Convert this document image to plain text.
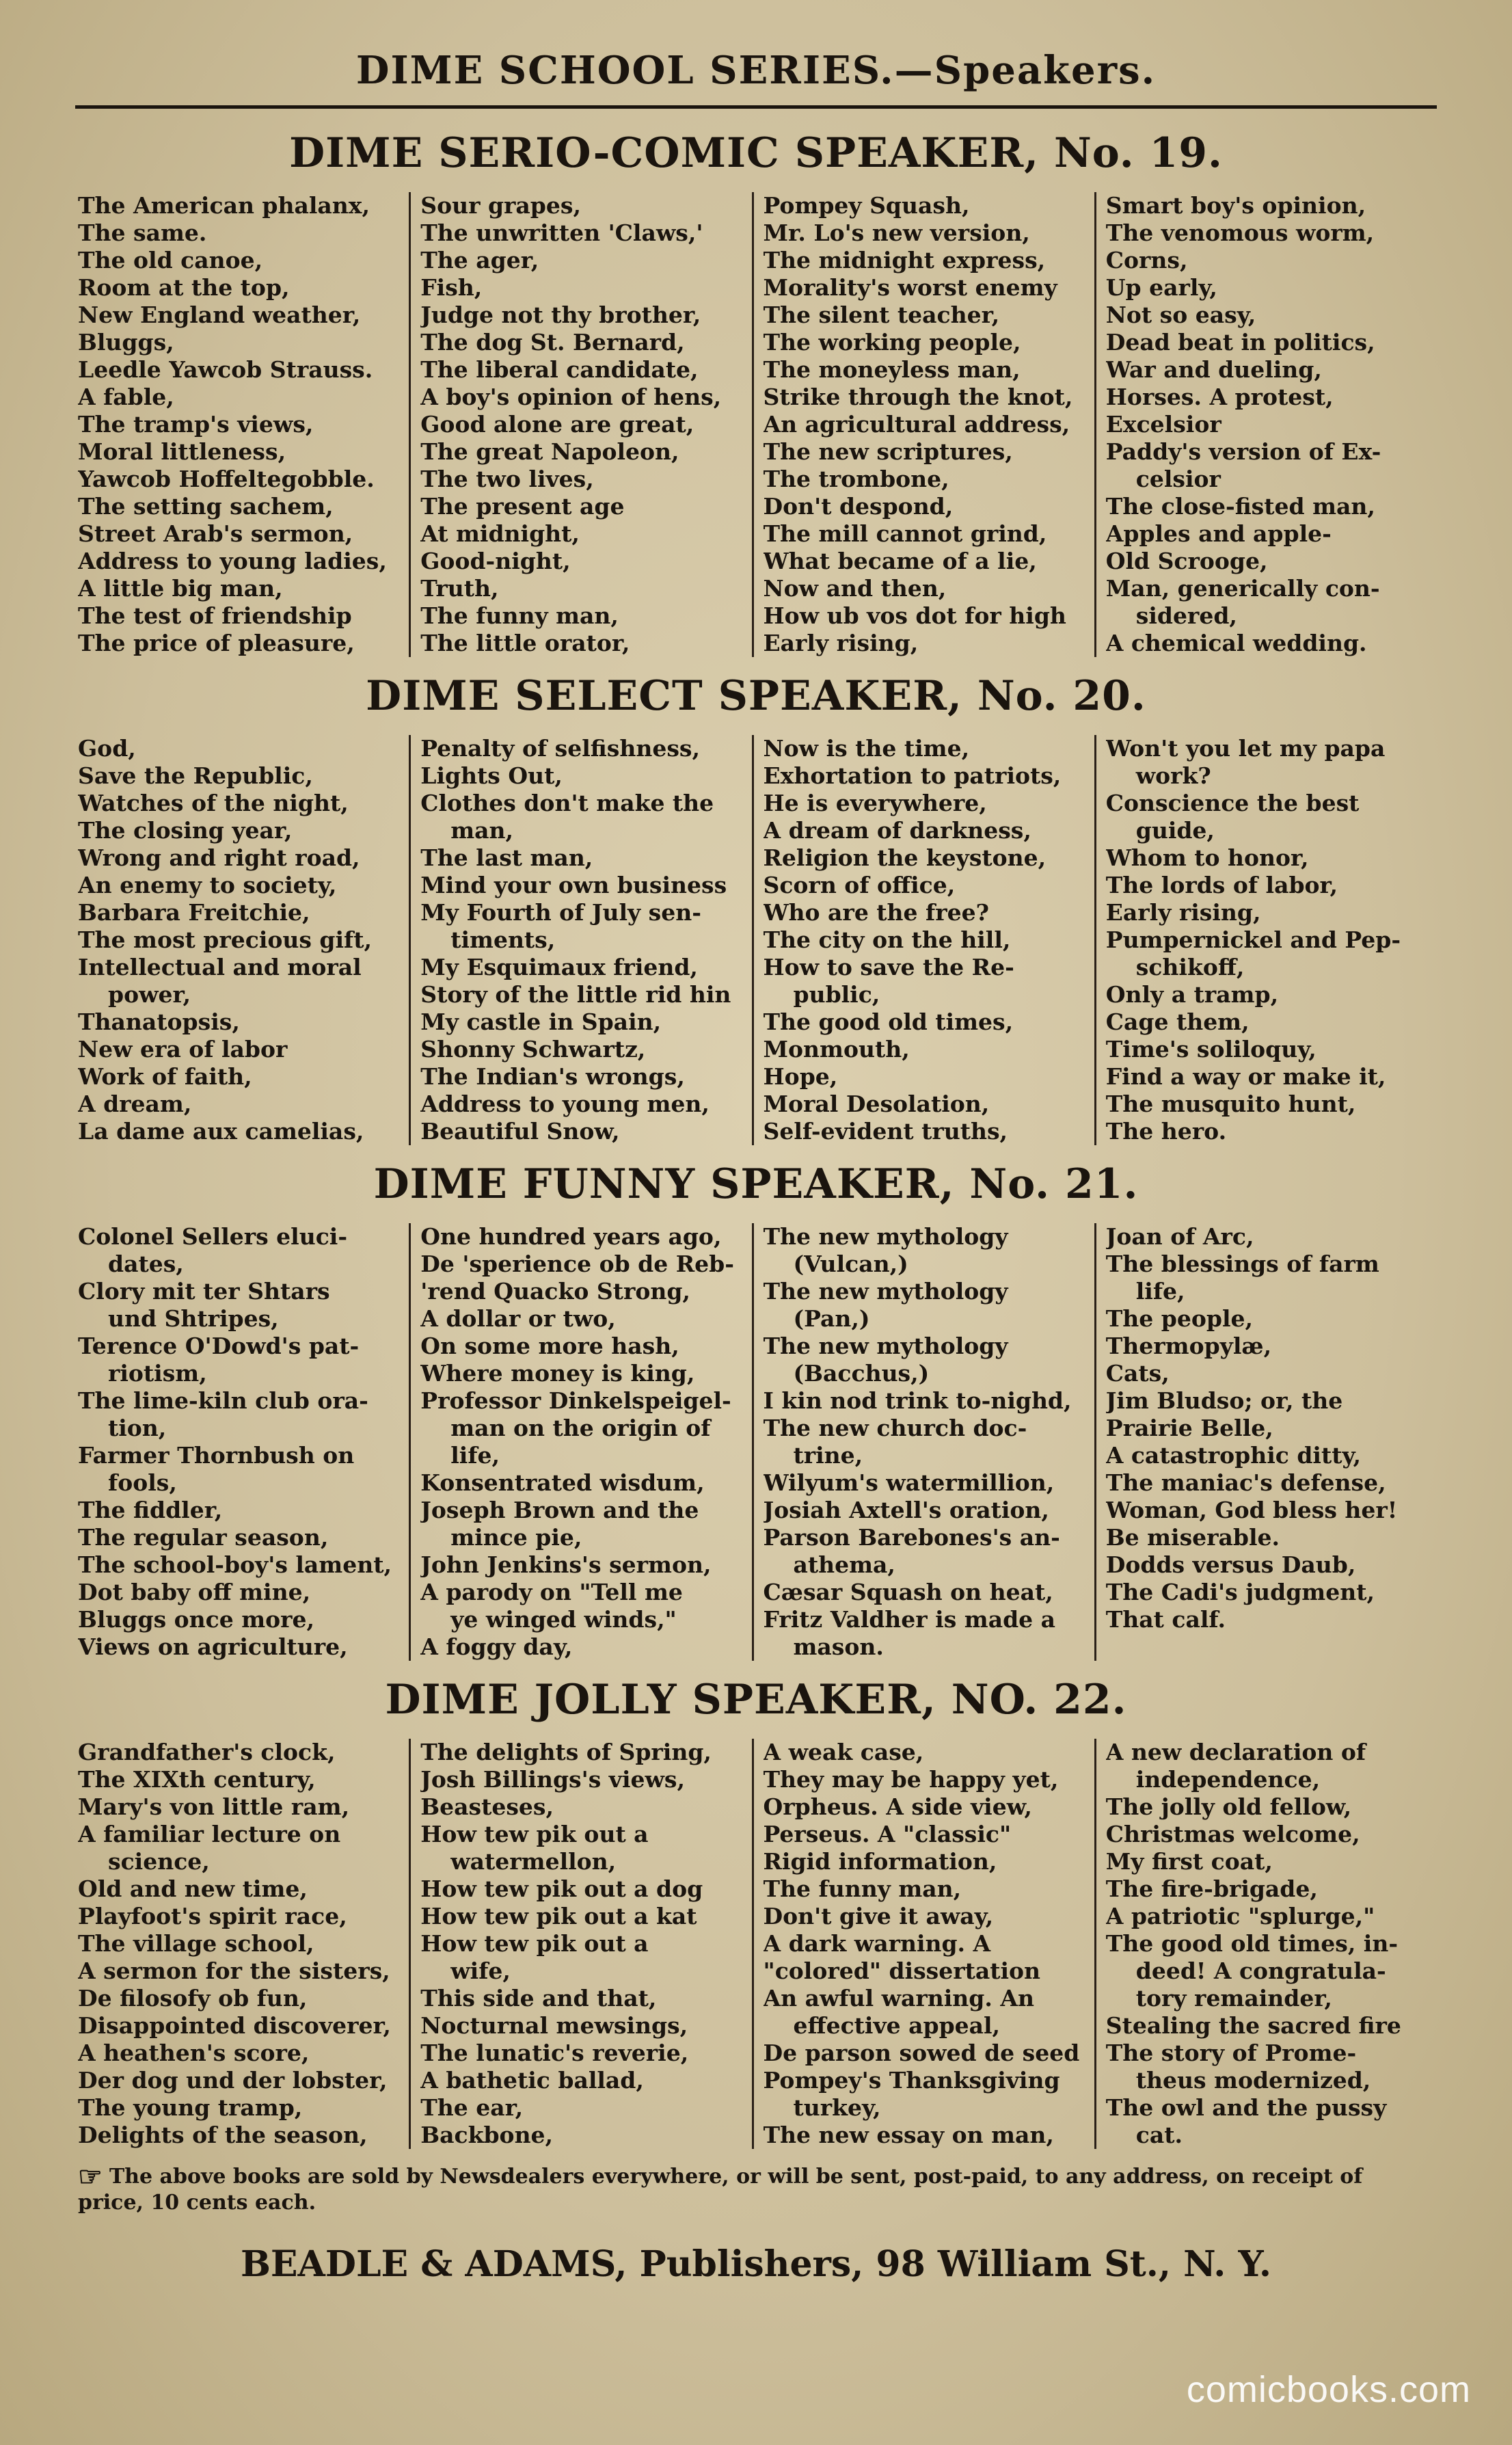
DIME SCHOOL SERIES.—Speakers.
DIME SERIO-COMIC SPEAKER, No. 19.
The American phalanx,
The same.
The old canoe,
Room at the top,
New England weather,
Bluggs,
Leedle Yawcob Strauss.
A fable,
The tramp's views,
Moral littleness,
Yawcob Hoffeltegobble.
The setting sachem,
Street Arab's sermon,
Address to young ladies,
A little big man,
The test of friendship
The price of pleasure,
Sour grapes,
The unwritten 'Claws,'
The ager,
Fish,
Judge not thy brother,
The dog St. Bernard,
The liberal candidate,
A boy's opinion of hens,
Good alone are great,
The great Napoleon,
The two lives,
The present age
At midnight,
Good-night,
Truth,
The funny man,
The little orator,
Pompey Squash,
Mr. Lo's new version,
The midnight express,
Morality's worst enemy
The silent teacher,
The working people,
The moneyless man,
Strike through the knot,
An agricultural address,
The new scriptures,
The trombone,
Don't despond,
The mill cannot grind,
What became of a lie,
Now and then,
How ub vos dot for high
Early rising,
Smart boy's opinion,
The venomous worm,
Corns,
Up early,
Not so easy,
Dead beat in politics,
War and dueling,
Horses. A protest,
Excelsior
Paddy's version of Ex-
celsior
The close-fisted man,
Apples and apple-
Old Scrooge,
Man, generically con-
sidered,
A chemical wedding.
DIME SELECT SPEAKER, No. 20.
God,
Save the Republic,
Watches of the night,
The closing year,
Wrong and right road,
An enemy to society,
Barbara Freitchie,
The most precious gift,
Intellectual and moral
power,
Thanatopsis,
New era of labor
Work of faith,
A dream,
La dame aux camelias,
Penalty of selfishness,
Lights Out,
Clothes don't make the
man,
The last man,
Mind your own business
My Fourth of July sen-
timents,
My Esquimaux friend,
Story of the little rid hin
My castle in Spain,
Shonny Schwartz,
The Indian's wrongs,
Address to young men,
Beautiful Snow,
Now is the time,
Exhortation to patriots,
He is everywhere,
A dream of darkness,
Religion the keystone,
Scorn of office,
Who are the free?
The city on the hill,
How to save the Re-
public,
The good old times,
Monmouth,
Hope,
Moral Desolation,
Self-evident truths,
Won't you let my papa
work?
Conscience the best
guide,
Whom to honor,
The lords of labor,
Early rising,
Pumpernickel and Pep-
schikoff,
Only a tramp,
Cage them,
Time's soliloquy,
Find a way or make it,
The musquito hunt,
The hero.
DIME FUNNY SPEAKER, No. 21.
Colonel Sellers eluci-
dates,
Clory mit ter Shtars
und Shtripes,
Terence O'Dowd's pat-
riotism,
The lime-kiln club ora-
tion,
Farmer Thornbush on
fools,
The fiddler,
The regular season,
The school-boy's lament,
Dot baby off mine,
Bluggs once more,
Views on agriculture,
One hundred years ago,
De 'sperience ob de Reb-
'rend Quacko Strong,
A dollar or two,
On some more hash,
Where money is king,
Professor Dinkelspeigel-
man on the origin of
life,
Konsentrated wisdum,
Joseph Brown and the
mince pie,
John Jenkins's sermon,
A parody on "Tell me
ye winged winds,"
A foggy day,
The new mythology
(Vulcan,)
The new mythology
(Pan,)
The new mythology
(Bacchus,)
I kin nod trink to-nighd,
The new church doc-
trine,
Wilyum's watermillion,
Josiah Axtell's oration,
Parson Barebones's an-
athema,
Cæsar Squash on heat,
Fritz Valdher is made a
mason.
Joan of Arc,
The blessings of farm
life,
The people,
Thermopylæ,
Cats,
Jim Bludso; or, the
Prairie Belle,
A catastrophic ditty,
The maniac's defense,
Woman, God bless her!
Be miserable.
Dodds versus Daub,
The Cadi's judgment,
That calf.
DIME JOLLY SPEAKER, NO. 22.
Grandfather's clock,
The XIXth century,
Mary's von little ram,
A familiar lecture on
science,
Old and new time,
Playfoot's spirit race,
The village school,
A sermon for the sisters,
De filosofy ob fun,
Disappointed discoverer,
A heathen's score,
Der dog und der lobster,
The young tramp,
Delights of the season,
The delights of Spring,
Josh Billings's views,
Beasteses,
How tew pik out a
watermellon,
How tew pik out a dog
How tew pik out a kat
How tew pik out a
wife,
This side and that,
Nocturnal mewsings,
The lunatic's reverie,
A bathetic ballad,
The ear,
Backbone,
A weak case,
They may be happy yet,
Orpheus. A side view,
Perseus. A "classic"
Rigid information,
The funny man,
Don't give it away,
A dark warning. A
"colored" dissertation
An awful warning. An
effective appeal,
De parson sowed de seed
Pompey's Thanksgiving
turkey,
The new essay on man,
A new declaration of
independence,
The jolly old fellow,
Christmas welcome,
My first coat,
The fire-brigade,
A patriotic "splurge,"
The good old times, in-
deed! A congratula-
tory remainder,
Stealing the sacred fire
The story of Prome-
theus modernized,
The owl and the pussy
cat.
☞ The above books are sold by Newsdealers everywhere, or will be sent, post-paid, to any address, on receipt of price, 10 cents each.
BEADLE & ADAMS, Publishers, 98 William St., N. Y.
comicbooks.com
